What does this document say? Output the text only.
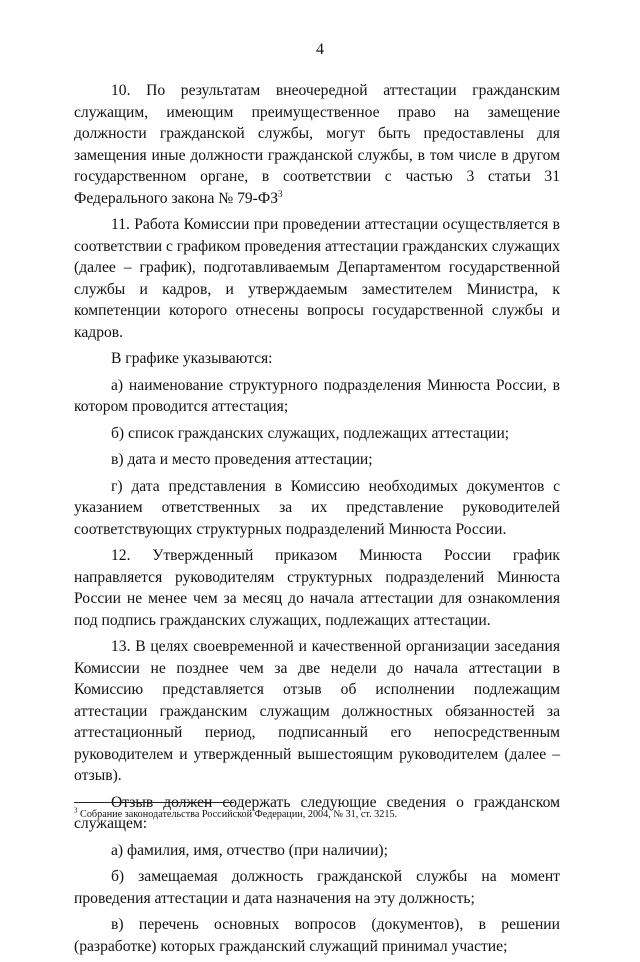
4

10. По результатам внеочередной аттестации гражданским служащим, имеющим преимущественное право на замещение должности гражданской службы, могут быть предоставлены для замещения иные должности гражданской службы, в том числе в другом государственном органе, в соответствии с частью 3 статьи 31 Федерального закона № $79-ФЗ^3$

11. Работа Комиссии при проведении аттестации осуществляется в соответствии с графиком проведения аттестации гражданских служащих (далее – график), подготавливаемым Департаментом государственной службы и кадров, и утверждаемым заместителем Министра, к компетенции которого отнесены вопросы государственной службы и кадров.

В графике указываются:

а) наименование структурного подразделения Минюста России, в котором проводится аттестация;

б) список гражданских служащих, подлежащих аттестации;

в) дата и место проведения аттестации;

г) дата представления в Комиссию необходимых документов с указанием ответственных за их представление руководителей соответствующих структурных подразделений Минюста России.

12. Утвержденный приказом Минюста России график направляется руководителям структурных подразделений Минюста России не менее чем за месяц до начала аттестации для ознакомления под подпись гражданских служащих, подлежащих аттестации.

13. В целях своевременной и качественной организации заседания Комиссии не позднее чем за две недели до начала аттестации в Комиссию представляется отзыв об исполнении подлежащим аттестации гражданским служащим должностных обязанностей за аттестационный период, подписанный его непосредственным руководителем и утвержденный вышестоящим руководителем (далее – отзыв).

Отзыв должен содержать следующие сведения о гражданском служащем:

а) фамилия, имя, отчество (при наличии);

б) замещаемая должность гражданской службы на момент проведения аттестации и дата назначения на эту должность;

в) перечень основных вопросов (документов), в решении (разработке) которых гражданский служащий принимал участие;

$^3$ Собрание законодательства Российской Федерации, 2004, № 31, ст. 3215.
